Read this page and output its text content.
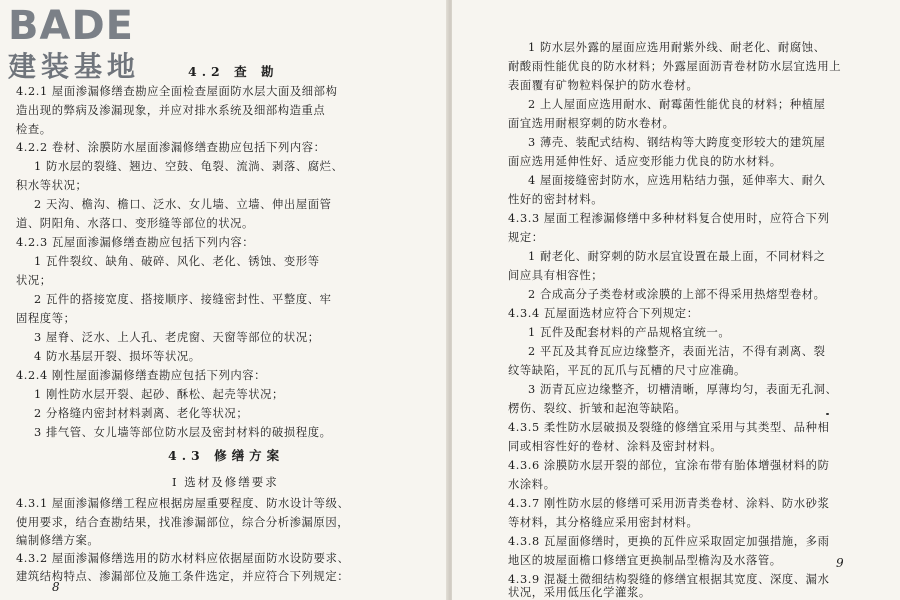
BADE
建装基地	4.2 查 勘
4.2.1 屋面渗漏修缮查勘应全面检查屋面防水层大面及细部构
造出现的弊病及渗漏现象，并应对排水系统及细部构造重点
检查。
4.2.2 卷材、涂膜防水屋面渗漏修缮查勘应包括下列内容：
1 防水层的裂缝、翘边、空鼓、龟裂、流淌、剥落、腐烂、
积水等状况；
2 天沟、檐沟、檐口、泛水、女儿墙、立墙、伸出屋面管
道、阴阳角、水落口、变形缝等部位的状况。
4.2.3 瓦屋面渗漏修缮查勘应包括下列内容：
1 瓦件裂纹、缺角、破碎、风化、老化、锈蚀、变形等
状况；
2 瓦件的搭接宽度、搭接顺序、接缝密封性、平整度、牢
固程度等；
3 屋脊、泛水、上人孔、老虎窗、天窗等部位的状况；
4 防水基层开裂、损坏等状况。
4.2.4 刚性屋面渗漏修缮查勘应包括下列内容：
1 刚性防水层开裂、起砂、酥松、起壳等状况；
2 分格缝内密封材料剥离、老化等状况；
3 排气管、女儿墙等部位防水层及密封材料的破损程度。
4.3 修缮方案
Ⅰ 选材及修缮要求
4.3.1 屋面渗漏修缮工程应根据房屋重要程度、防水设计等级、
使用要求，结合查勘结果，找准渗漏部位，综合分析渗漏原因，
编制修缮方案。
4.3.2 屋面渗漏修缮选用的防水材料应依据屋面防水设防要求、
建筑结构特点、渗漏部位及施工条件选定，并应符合下列规定：
8
1 防水层外露的屋面应选用耐紫外线、耐老化、耐腐蚀、
耐酸雨性能优良的防水材料；外露屋面沥青卷材防水层宜选用上
表面覆有矿物粒料保护的防水卷材。
2 上人屋面应选用耐水、耐霉菌性能优良的材料；种植屋
面宜选用耐根穿刺的防水卷材。
3 薄壳、装配式结构、钢结构等大跨度变形较大的建筑屋
面应选用延伸性好、适应变形能力优良的防水材料。
4 屋面接缝密封防水，应选用粘结力强，延伸率大、耐久
性好的密封材料。
4.3.3 屋面工程渗漏修缮中多种材料复合使用时，应符合下列
规定：
1 耐老化、耐穿刺的防水层宜设置在最上面，不同材料之
间应具有相容性；
2 合成高分子类卷材或涂膜的上部不得采用热熔型卷材。
4.3.4 瓦屋面选材应符合下列规定：
1 瓦件及配套材料的产品规格宜统一。
2 平瓦及其脊瓦应边缘整齐，表面光洁，不得有剥离、裂
纹等缺陷，平瓦的瓦爪与瓦槽的尺寸应准确。
3 沥青瓦应边缘整齐，切槽清晰，厚薄均匀，表面无孔洞、
楞伤、裂纹、折皱和起泡等缺陷。
4.3.5 柔性防水层破损及裂缝的修缮宜采用与其类型、品种相
同或相容性好的卷材、涂料及密封材料。
4.3.6 涂膜防水层开裂的部位，宜涂布带有胎体增强材料的防
水涂料。
4.3.7 刚性防水层的修缮可采用沥青类卷材、涂料、防水砂浆
等材料，其分格缝应采用密封材料。
4.3.8 瓦屋面修缮时，更换的瓦件应采取固定加强措施，多雨
地区的坡屋面檐口修缮宜更换制品型檐沟及水落管。
4.3.9 混凝土微细结构裂缝的修缮宜根据其宽度、深度、漏水
状况，采用低压化学灌浆。
9
